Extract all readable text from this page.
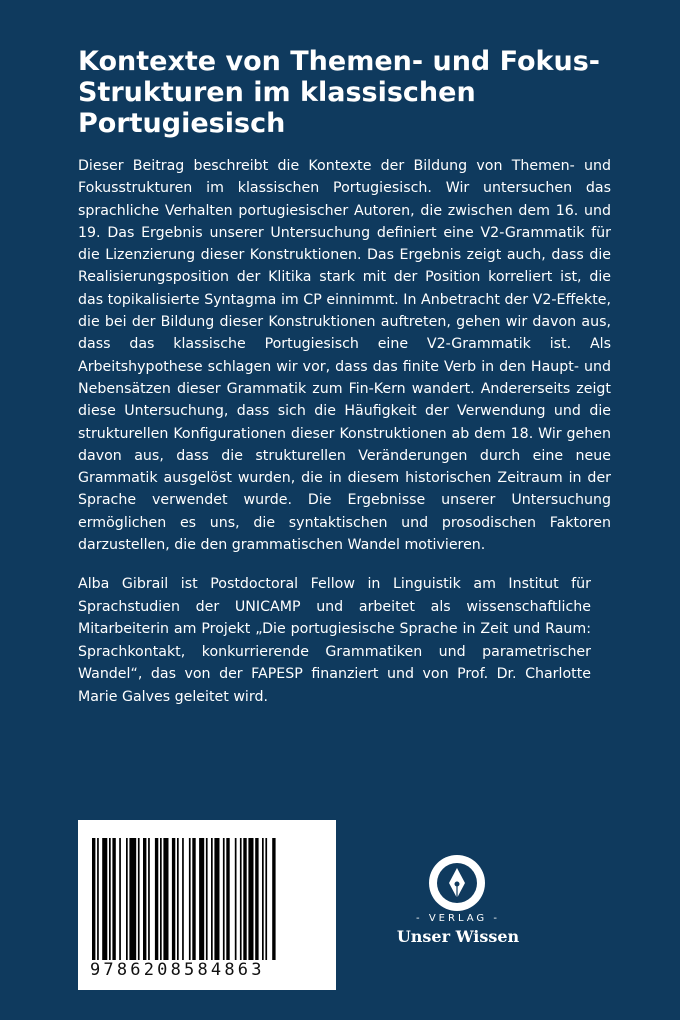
Kontexte von Themen- und Fokus-Strukturen im klassischen Portugiesisch

Dieser Beitrag beschreibt die Kontexte der Bildung von Themen- und Fokusstrukturen im klassischen Portugiesisch. Wir untersuchen das sprachliche Verhalten portugiesischer Autoren, die zwischen dem 16. und 19. Das Ergebnis unserer Untersuchung definiert eine V2-Grammatik für die Lizenzierung dieser Konstruktionen. Das Ergebnis zeigt auch, dass die Realisierungsposition der Klitika stark mit der Position korreliert ist, die das topikalisierte Syntagma im CP einnimmt. In Anbetracht der V2-Effekte, die bei der Bildung dieser Konstruktionen auftreten, gehen wir davon aus, dass das klassische Portugiesisch eine V2-Grammatik ist. Als Arbeitshypothese schlagen wir vor, dass das finite Verb in den Haupt- und Nebensätzen dieser Grammatik zum Fin-Kern wandert. Andererseits zeigt diese Untersuchung, dass sich die Häufigkeit der Verwendung und die strukturellen Konfigurationen dieser Konstruktionen ab dem 18. Wir gehen davon aus, dass die strukturellen Veränderungen durch eine neue Grammatik ausgelöst wurden, die in diesem historischen Zeitraum in der Sprache verwendet wurde. Die Ergebnisse unserer Untersuchung ermöglichen es uns, die syntaktischen und prosodischen Faktoren darzustellen, die den grammatischen Wandel motivieren.

Alba Gibrail ist Postdoctoral Fellow in Linguistik am Institut für Sprachstudien der UNICAMP und arbeitet als wissenschaftliche Mitarbeiterin am Projekt „Die portugiesische Sprache in Zeit und Raum: Sprachkontakt, konkurrierende Grammatiken und parametrischer Wandel“, das von der FAPESP finanziert und von Prof. Dr. Charlotte Marie Galves geleitet wird.

9786208584863
- VERLAG -
Unser Wissen
